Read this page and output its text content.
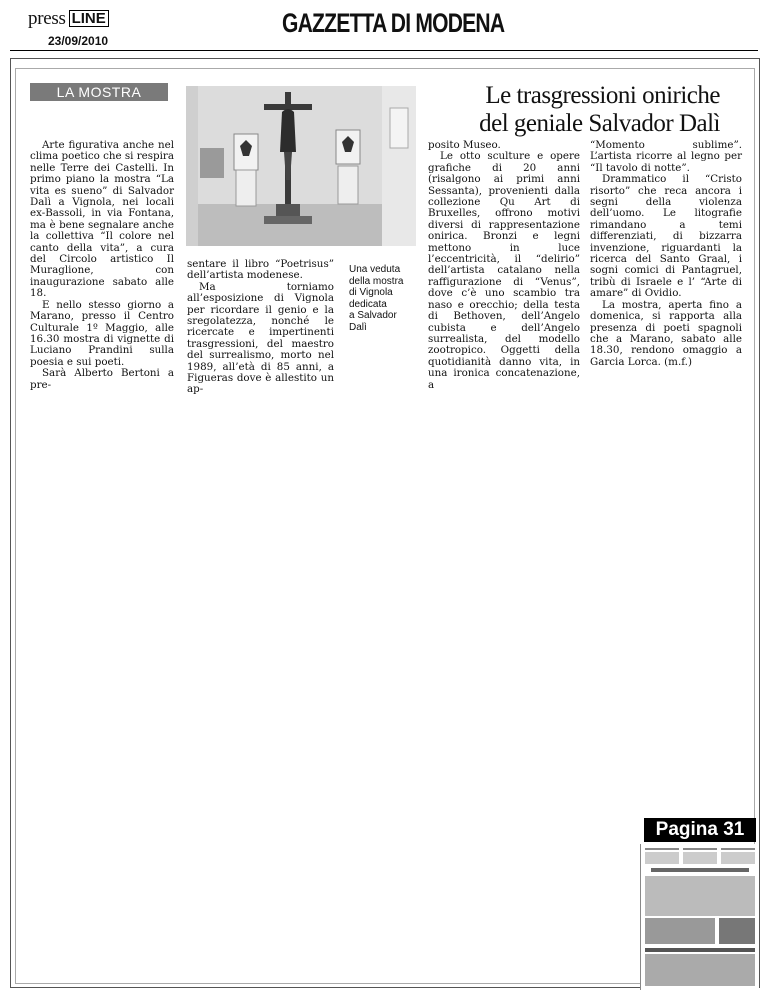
press LINE
23/09/2010
GAZZETTA DI MODENA
LA MOSTRA	Le trasgressioni oniriche
del geniale Salvador Dalì

Arte figurativa anche nel clima poetico che si respira nelle Terre dei Castelli. In primo piano la mostra “La vita es sueno” di Salvador Dalì a Vignola, nei locali ex-Bassoli, in via Fontana, ma è bene segnalare anche la collettiva “Il colore nel canto della vita”, a cura del Circolo artistico Il Muraglione, con inaugurazione sabato alle 18.

E nello stesso giorno a Marano, presso il Centro Culturale 1º Maggio, alle 16.30 mostra di vignette di Luciano Prandini sulla poesia e sui poeti.

Sarà Alberto Bertoni a pre-

sentare il libro “Poetrisus” dell’artista modenese.

Ma torniamo all’esposizione di Vignola per ricordare il genio e la sregolatezza, nonché le ricercate e impertinenti trasgressioni, del maestro del surrealismo, morto nel 1989, all’età di 85 anni, a Figueras dove è allestito un ap-

Una veduta
della mostra
di Vignola
dedicata
a Salvador
Dalì

posito Museo.

Le otto sculture e opere grafiche di 20 anni (risalgono ai primi anni Sessanta), provenienti dalla collezione Qu Art di Bruxelles, offrono motivi diversi di rappresentazione onirica. Bronzi e legni mettono in luce l’eccentricità, il “delirio” dell’artista catalano nella raffigurazione di “Venus”, dove c’è uno scambio tra naso e orecchio; della testa di Bethoven, dell’Angelo cubista e dell’Angelo surrealista, del modello zootropico. Oggetti della quotidianità danno vita, in una ironica concatenazione, a

“Momento sublime”. L’artista ricorre al legno per “Il tavolo di notte”.

Drammatico il “Cristo risorto” che reca ancora i segni della violenza dell’uomo. Le litografie rimandano a temi differenziati, di bizzarra invenzione, riguardanti la ricerca del Santo Graal, i sogni comici di Pantagruel, tribù di Israele e l’ “Arte di amare” di Ovidio.

La mostra, aperta fino a domenica, si rapporta alla presenza di poeti spagnoli che a Marano, sabato alle 18.30, rendono omaggio a Garcia Lorca. (m.f.)

Pagina 31
